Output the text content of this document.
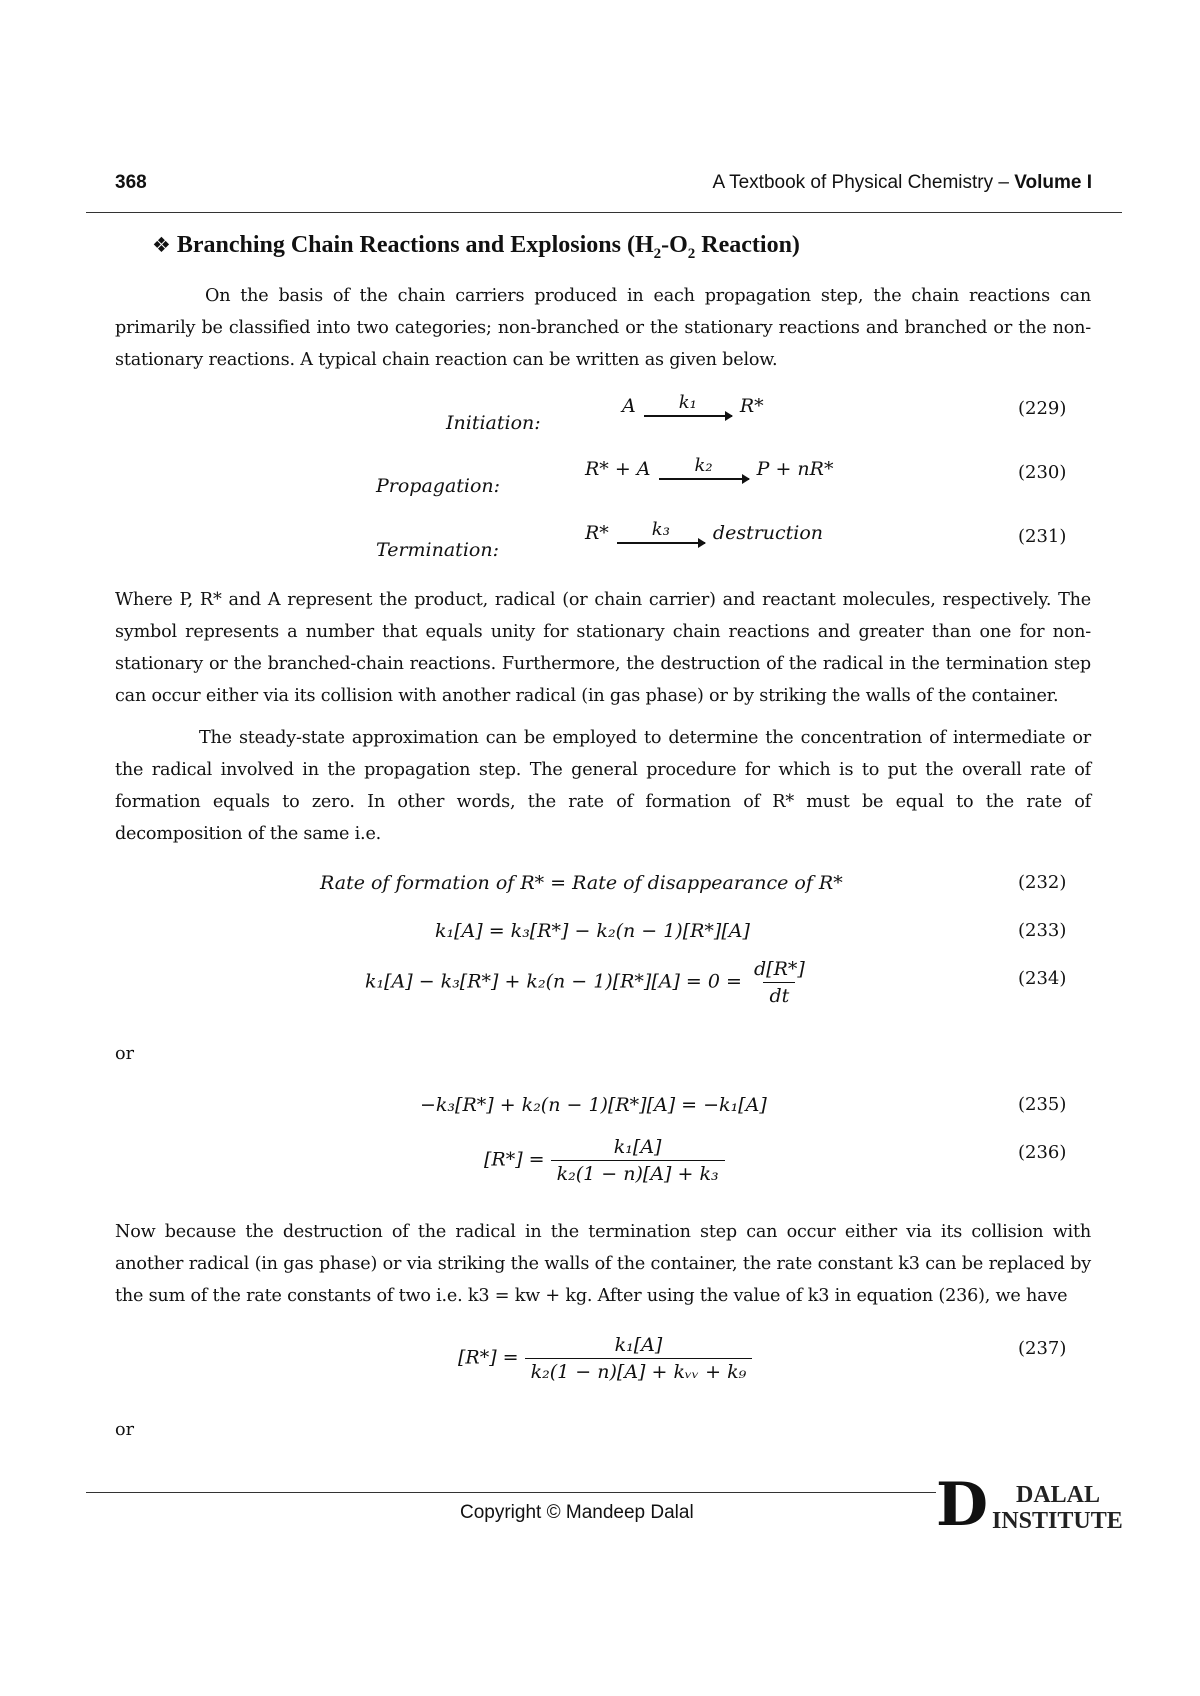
368	A Textbook of Physical Chemistry – Volume I
❖ Branching Chain Reactions and Explosions ($H_2-O_2$ Reaction)

On the basis of the chain carriers produced in each propagation step, the chain reactions can primarily be classified into two categories; non-branched or the stationary reactions and branched or the non-stationary reactions. A typical chain reaction can be written as given below.

Initiation:
A k₁ R*	(229)
Propagation:
R* + A k₂ P + nR*	(230)
Termination:
R* k₃ destruction	(231)

Where P, R* and A represent the product, radical (or chain carrier) and reactant molecules, respectively. The symbol represents a number that equals unity for stationary chain reactions and greater than one for non-stationary or the branched-chain reactions. Furthermore, the destruction of the radical in the termination step can occur either via its collision with another radical (in gas phase) or by striking the walls of the container.

The steady-state approximation can be employed to determine the concentration of intermediate or the radical involved in the propagation step. The general procedure for which is to put the overall rate of formation equals to zero. In other words, the rate of formation of R* must be equal to the rate of decomposition of the same i.e.

Rate of formation of R* = Rate of disappearance of R*	(232)
k₁[A] = k₃[R*] − k₂(n − 1)[R*][A]	(233)
$k_1[A] - k_3[R*] + k_2(n - 1)[R*][A] = 0 = \frac{d[R*]}{dt}$	(234)
or
−k₃[R*] + k₂(n − 1)[R*][A] = −k₁[A]	(235)
$[R*] = \frac{\text{k₁[A]}}{\text{k₂(1 − n)[A] + k₃}}$	(236)

Now because the destruction of the radical in the termination step can occur either via its collision with another radical (in gas phase) or via striking the walls of the container, the rate constant k3 can be replaced by the sum of the rate constants of two i.e. k3 = kw + kg. After using the value of k3 in equation (236), we have

$[R*] = \frac{\text{k₁[A]}}{\text{k₂(1 − n)[A] + kᵥᵥ + k₉}}$	(237)
or
Copyright © Mandeep Dalal	D DALAL
INSTITUTE
